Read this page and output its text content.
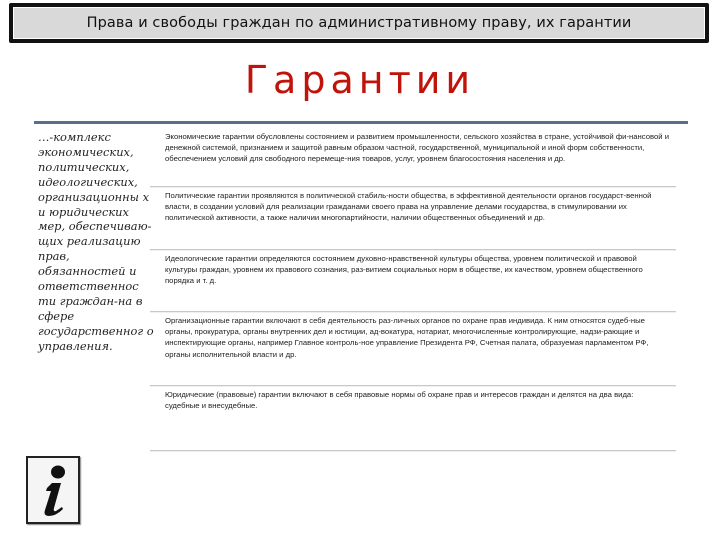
Права и свободы граждан по административному праву, их гарантии
Гарантии

…-комплекс экономических, политических, идеологических, организационны х и юридических мер, обеспечиваю-щих реализацию прав, обязанностей и ответственнос ти граждан-на в сфере государственног о управления.

Экономические гарантии обусловлены состоянием и развитием промышленности, сельского хозяйства в стране, устойчивой фи-нансовой и денежной системой, признанием и защитой равным образом частной, государственной, муниципальной и иной форм собственности, обеспечением условий для свободного перемеще-ния товаров, услуг, уровнем благосостояния населения и др.
Политические гарантии проявляются в политической стабиль-ности общества, в эффективной деятельности органов государст-венной власти, в создании условий для реализации гражданами своего права на управление делами государства, в стимулировании их политической активности, а также наличии многопартийности, наличии общественных объединений и др.
Идеологические гарантии определяются состоянием духовно-нравственной культуры общества, уровнем политической и правовой культуры граждан, уровнем их правового сознания, раз-витием социальных норм в обществе, их качеством, уровнем общественного порядка и т. д.
Организационные гарантии включают в себя деятельность раз-личных органов по охране прав индивида. К ним относятся судеб-ные органы, прокуратура, органы внутренних дел и юстиции, ад-вокатура, нотариат, многочисленные контролирующие, надзи-рающие и инспектирующие органы, например Главное контроль-ное управление Президента РФ, Счетная палата, образуемая парламентом РФ, органы исполнительной власти и др.
Юридические (правовые) гарантии включают в себя правовые нормы об охране прав и интересов граждан и делятся на два вида: судебные и внесудебные.
